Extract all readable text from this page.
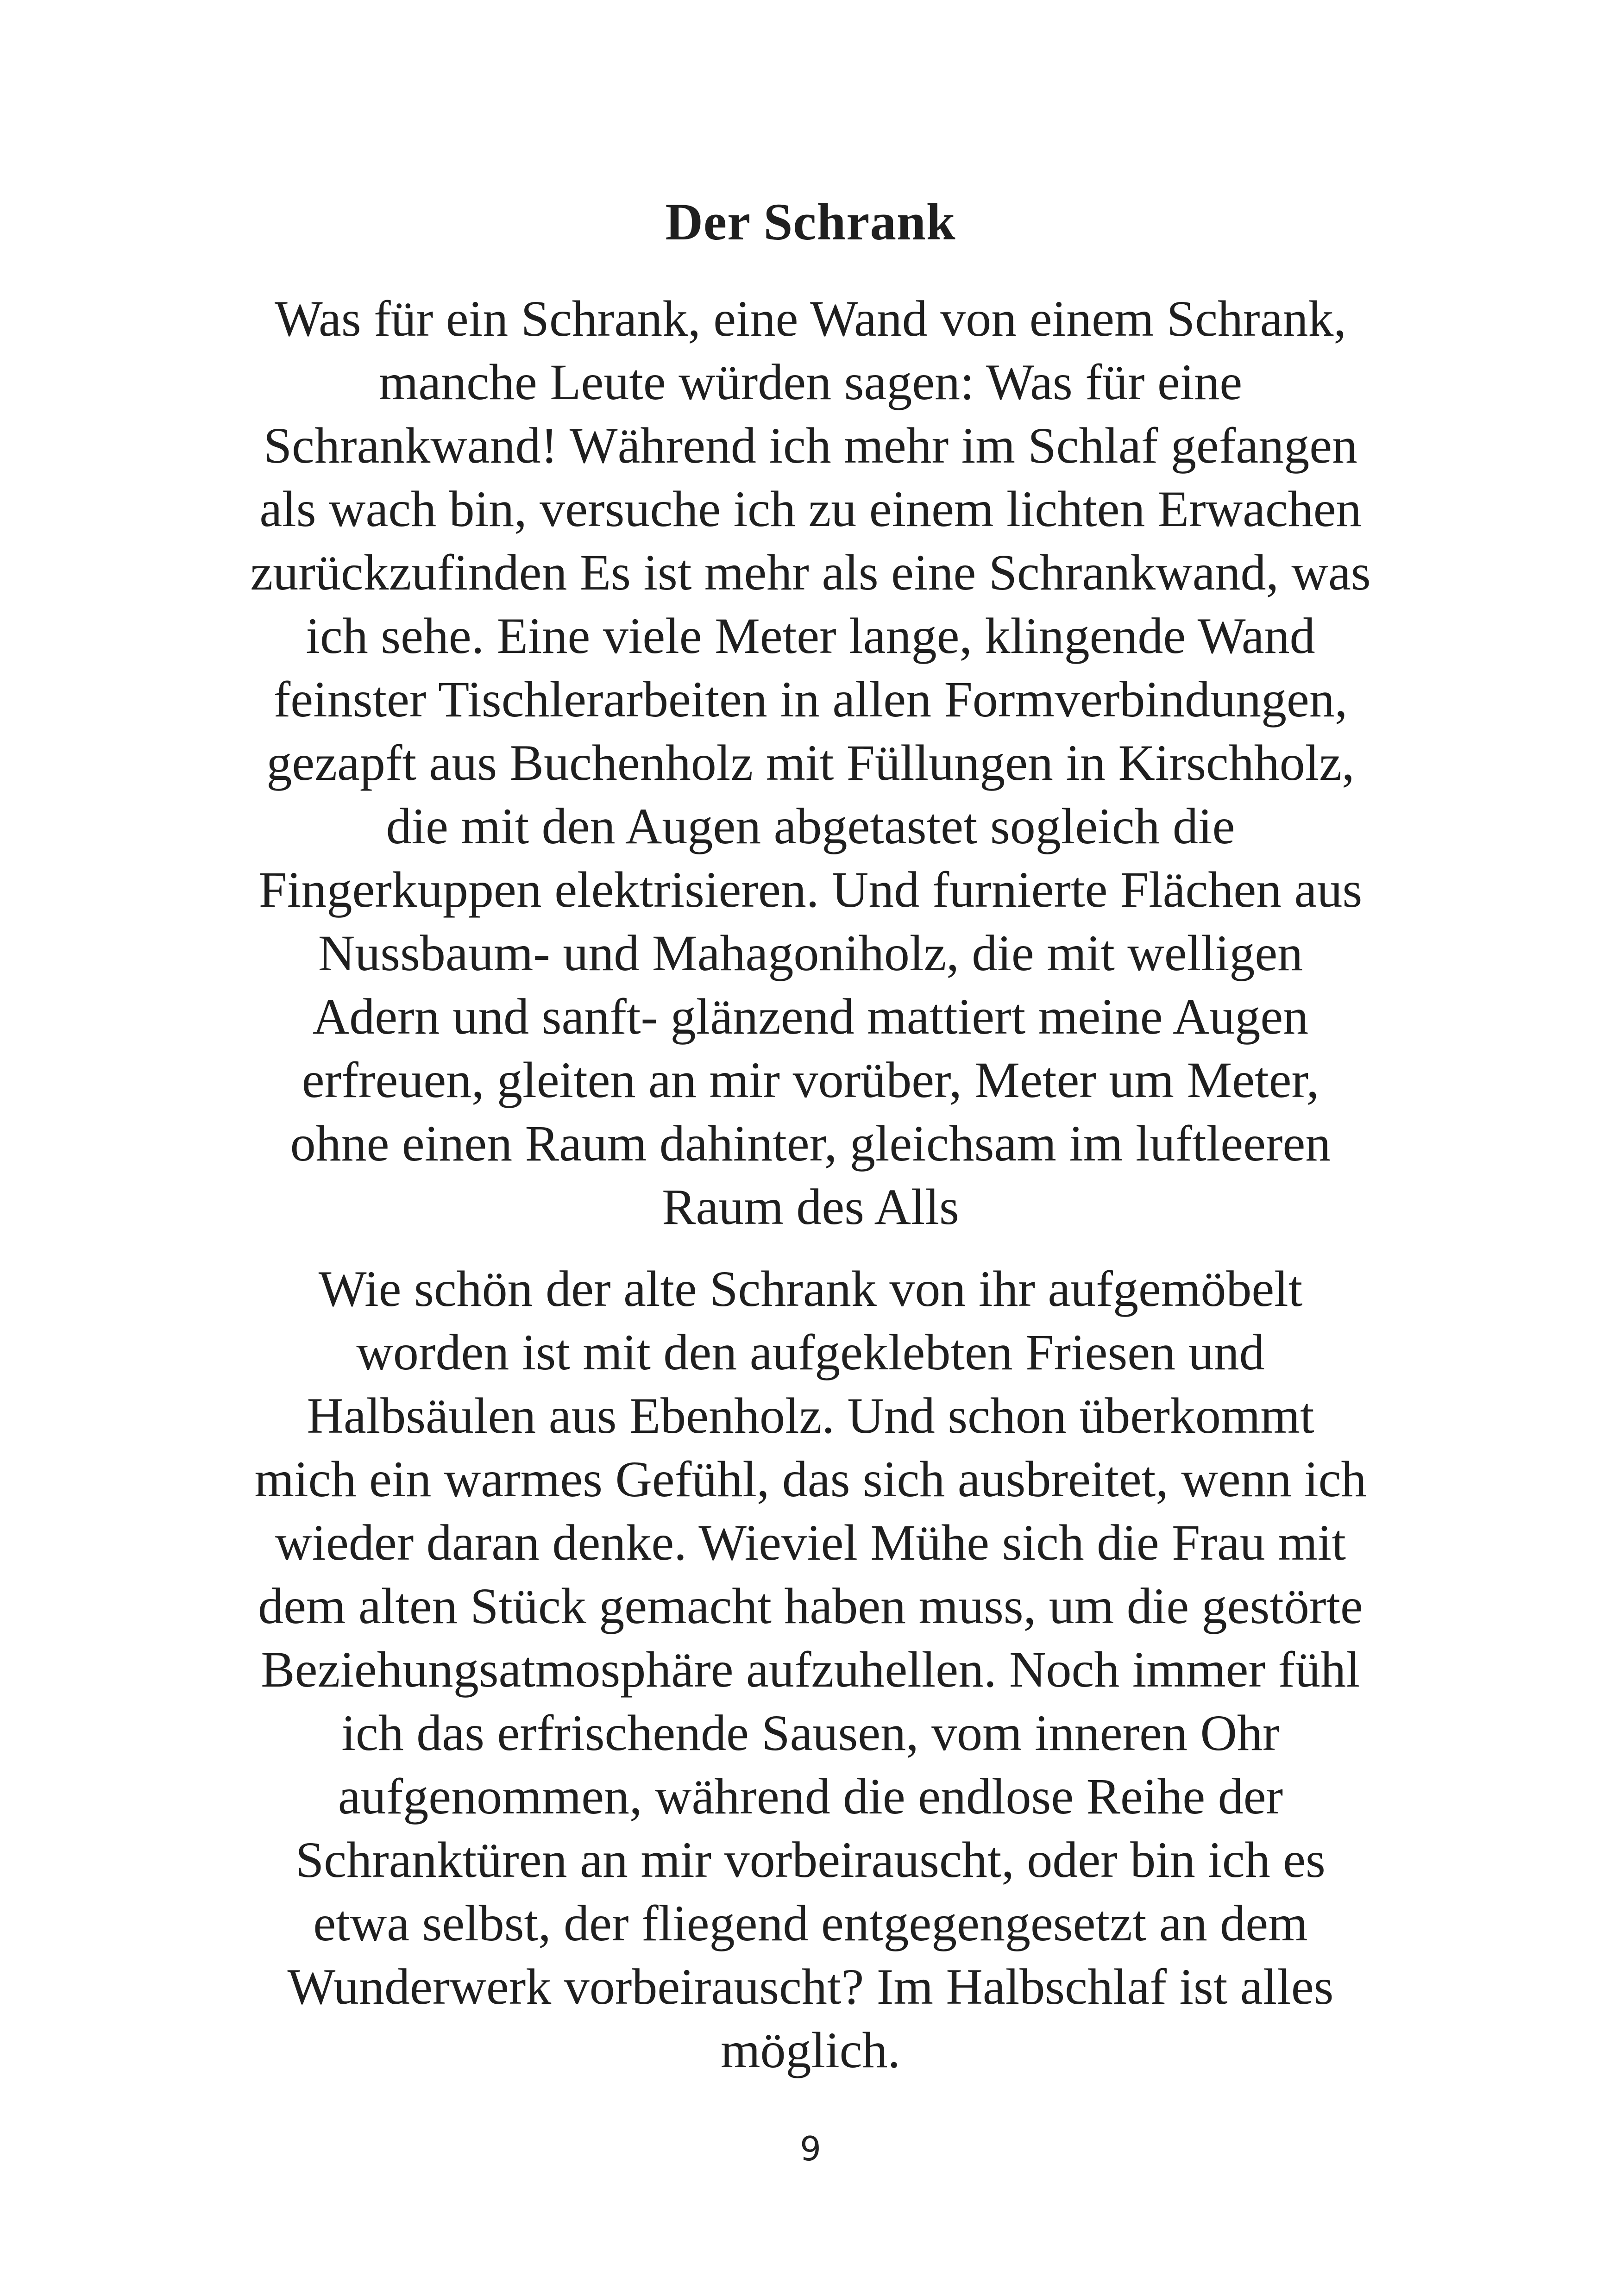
Der Schrank

Was für ein Schrank, eine Wand von einem Schrank,
manche Leute würden sagen: Was für eine
Schrankwand! Während ich mehr im Schlaf gefangen
als wach bin, versuche ich zu einem lichten Erwachen
zurückzufinden Es ist mehr als eine Schrankwand, was
ich sehe. Eine viele Meter lange, klingende Wand
feinster Tischlerarbeiten in allen Formverbindungen,
gezapft aus Buchenholz mit Füllungen in Kirschholz,
die mit den Augen abgetastet sogleich die
Fingerkuppen elektrisieren. Und furnierte Flächen aus
Nussbaum- und Mahagoniholz, die mit welligen
Adern und sanft- glänzend mattiert meine Augen
erfreuen, gleiten an mir vorüber, Meter um Meter,
ohne einen Raum dahinter, gleichsam im luftleeren
Raum des Alls

Wie schön der alte Schrank von ihr aufgemöbelt
worden ist mit den aufgeklebten Friesen und
Halbsäulen aus Ebenholz. Und schon überkommt
mich ein warmes Gefühl, das sich ausbreitet, wenn ich
wieder daran denke. Wieviel Mühe sich die Frau mit
dem alten Stück gemacht haben muss, um die gestörte
Beziehungsatmosphäre aufzuhellen. Noch immer fühl
ich das erfrischende Sausen, vom inneren Ohr
aufgenommen, während die endlose Reihe der
Schranktüren an mir vorbeirauscht, oder bin ich es
etwa selbst, der fliegend entgegengesetzt an dem
Wunderwerk vorbeirauscht? Im Halbschlaf ist alles
möglich.

9
